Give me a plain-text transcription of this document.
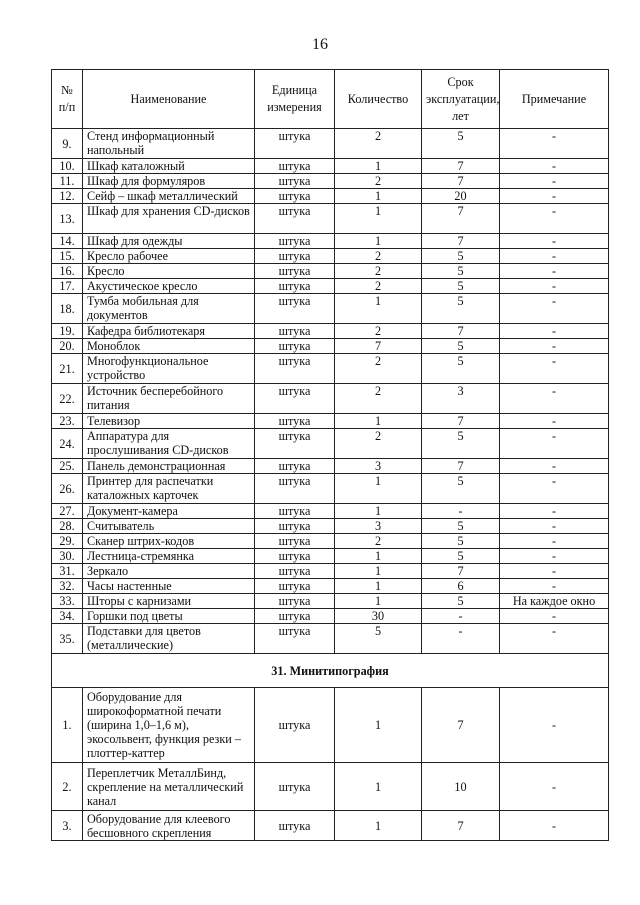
16
№ п/п	Наименование	Единица измерения	Количество	Срок эксплуатации, лет	Примечание
9.	Стенд информационный напольный	штука	2	5	-
10.	Шкаф каталожный	штука	1	7	-
11.	Шкаф для формуляров	штука	2	7	-
12.	Сейф – шкаф металлический	штука	1	20	-
13.	Шкаф для хранения CD-дисков	штука	1	7	-
14.	Шкаф для одежды	штука	1	7	-
15.	Кресло рабочее	штука	2	5	-
16.	Кресло	штука	2	5	-
17.	Акустическое кресло	штука	2	5	-
18.	Тумба мобильная для документов	штука	1	5	-
19.	Кафедра библиотекаря	штука	2	7	-
20.	Моноблок	штука	7	5	-
21.	Многофункциональное устройство	штука	2	5	-
22.	Источник бесперебойного питания	штука	2	3	-
23.	Телевизор	штука	1	7	-
24.	Аппаратура для прослушивания CD-дисков	штука	2	5	-
25.	Панель демонстрационная	штука	3	7	-
26.	Принтер для распечатки каталожных карточек	штука	1	5	-
27.	Документ-камера	штука	1	-	-
28.	Считыватель	штука	3	5	-
29.	Сканер штрих-кодов	штука	2	5	-
30.	Лестница-стремянка	штука	1	5	-
31.	Зеркало	штука	1	7	-
32.	Часы настенные	штука	1	6	-
33.	Шторы с карнизами	штука	1	5	На каждое окно
34.	Горшки под цветы	штука	30	-	-
35.	Подставки для цветов (металлические)	штука	5	-	-
31. Минитипография					
1.	Оборудование для широкоформатной печати (ширина 1,0–1,6 м), экосольвент, функция резки – плоттер-каттер	штука	1	7	-
2.	Переплетчик МеталлБинд, скрепление на металлический канал	штука	1	10	-
3.	Оборудование для клеевого бесшовного скрепления	штука	1	7	-
